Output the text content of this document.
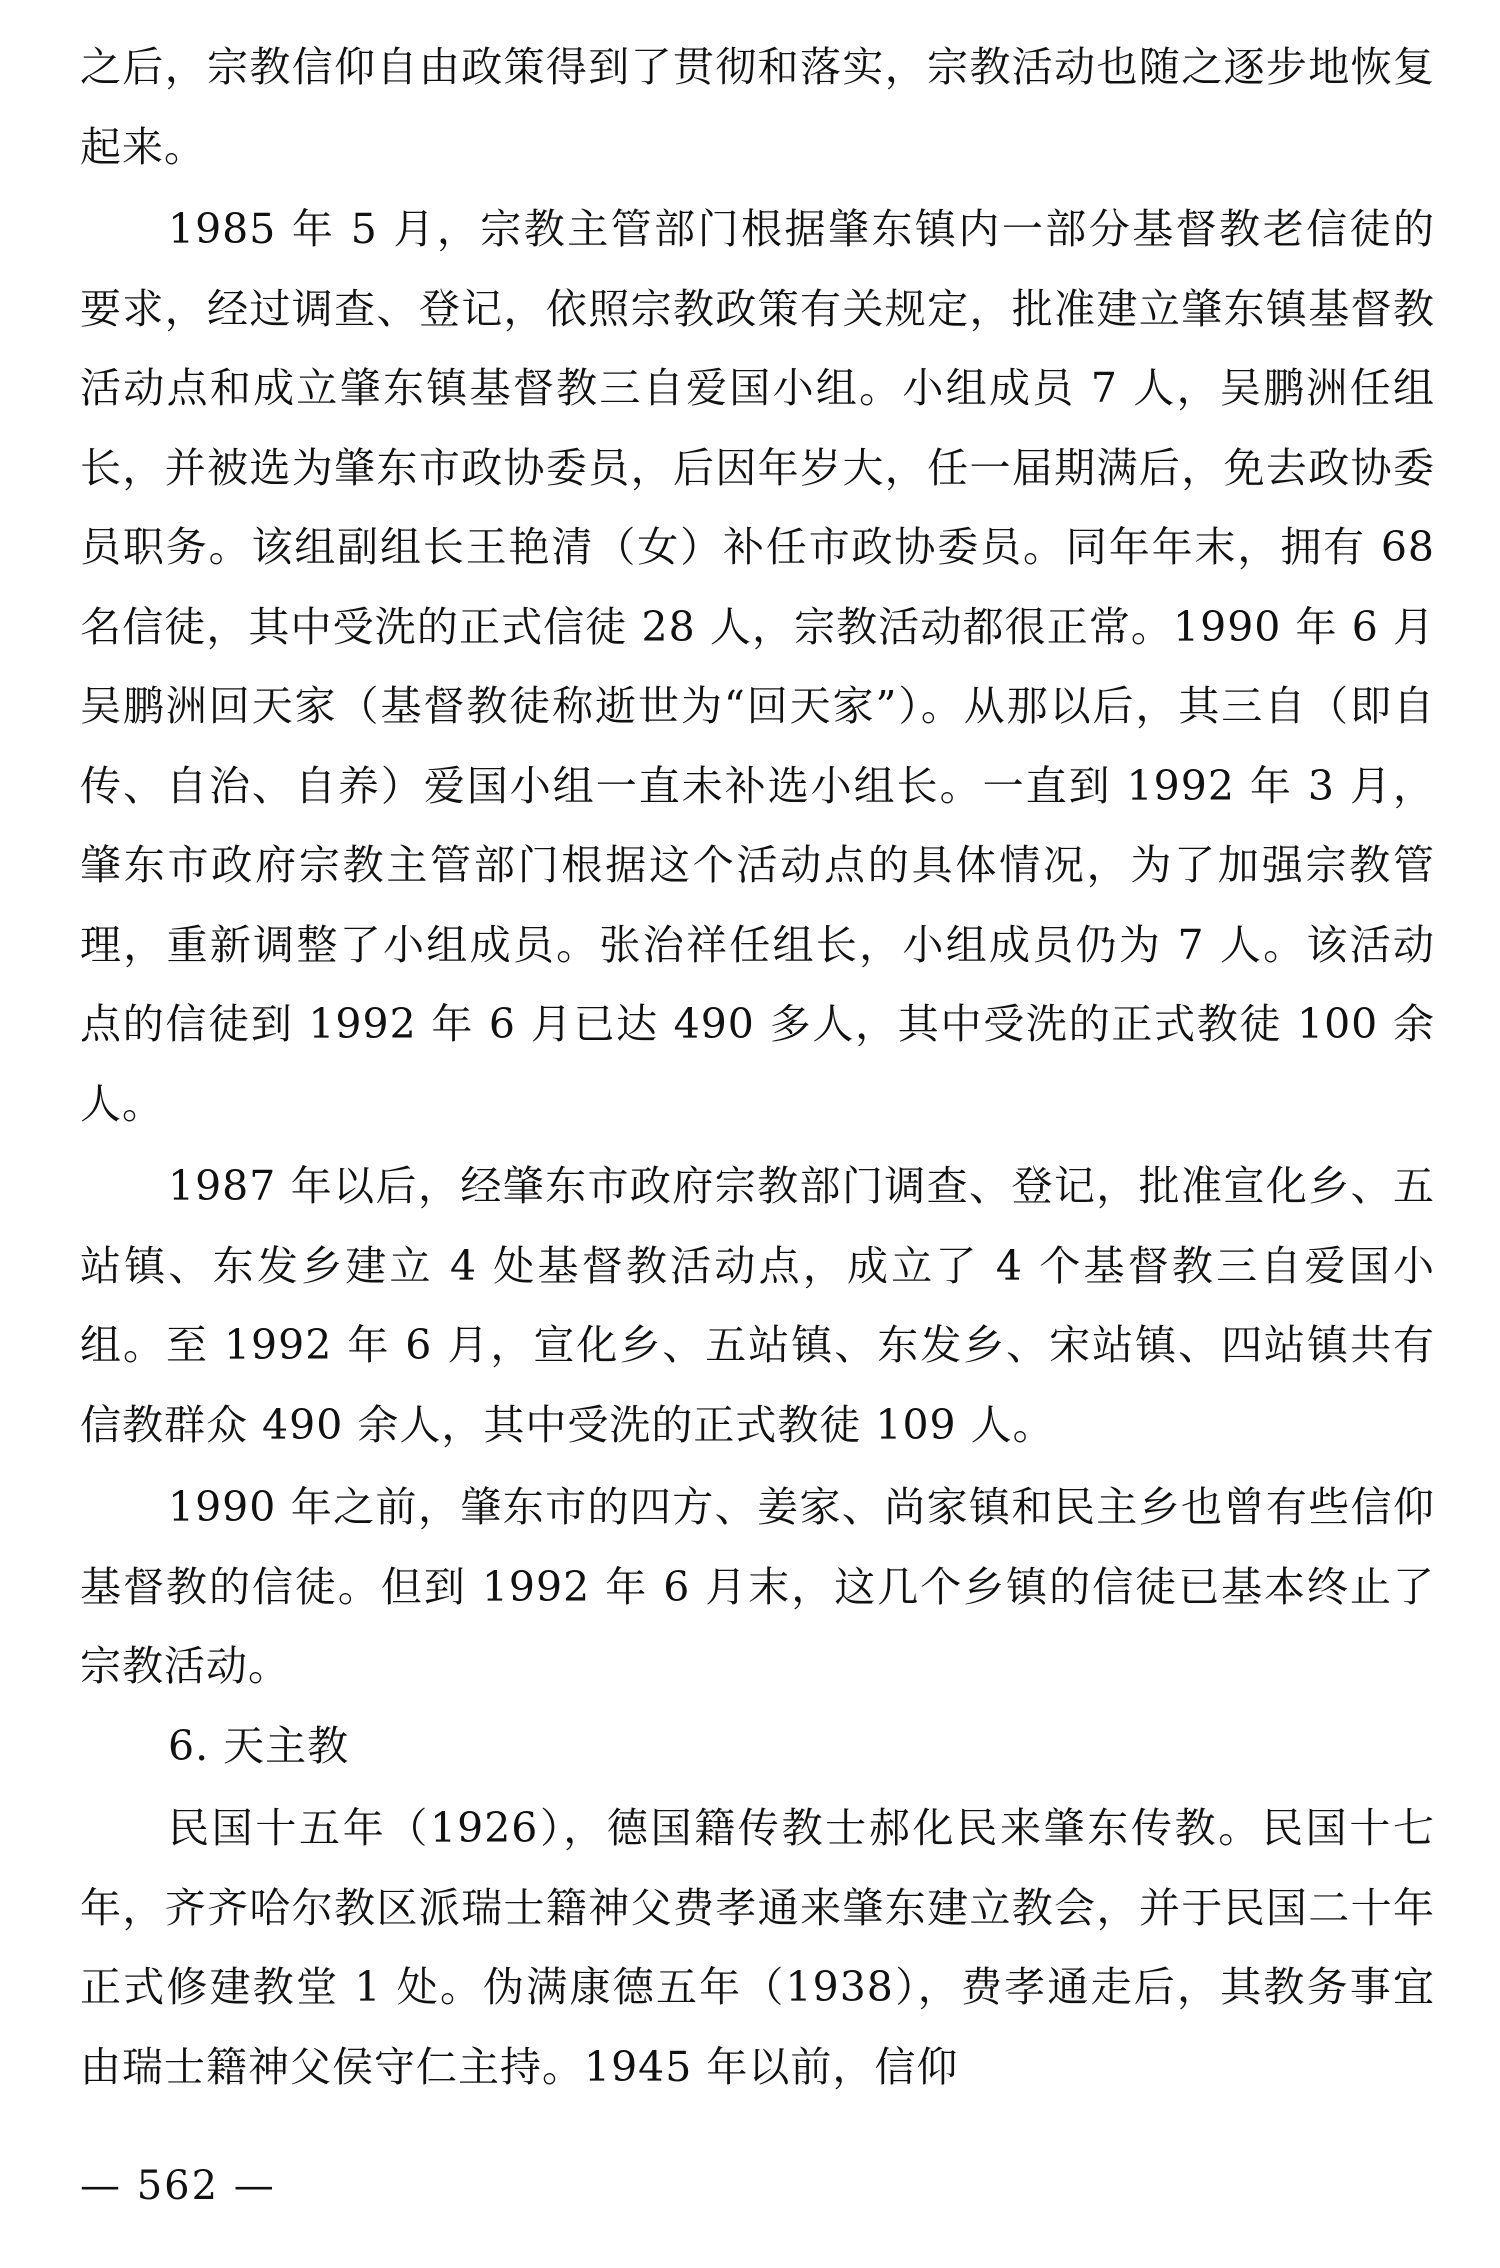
之后，宗教信仰自由政策得到了贯彻和落实，宗教活动也随之逐步地恢复起来。

1985 年 5 月，宗教主管部门根据肇东镇内一部分基督教老信徒的要求，经过调查、登记，依照宗教政策有关规定，批准建立肇东镇基督教活动点和成立肇东镇基督教三自爱国小组。小组成员 7 人，吴鹏洲任组长，并被选为肇东市政协委员，后因年岁大，任一届期满后，免去政协委员职务。该组副组长王艳清（女）补任市政协委员。同年年末，拥有 68 名信徒，其中受洗的正式信徒 28 人，宗教活动都很正常。1990 年 6 月吴鹏洲回天家（基督教徒称逝世为“回天家”）。从那以后，其三自（即自传、自治、自养）爱国小组一直未补选小组长。一直到 1992 年 3 月，肇东市政府宗教主管部门根据这个活动点的具体情况，为了加强宗教管理，重新调整了小组成员。张治祥任组长，小组成员仍为 7 人。该活动点的信徒到 1992 年 6 月已达 490 多人，其中受洗的正式教徒 100 余人。

1987 年以后，经肇东市政府宗教部门调查、登记，批准宣化乡、五站镇、东发乡建立 4 处基督教活动点，成立了 4 个基督教三自爱国小组。至 1992 年 6 月，宣化乡、五站镇、东发乡、宋站镇、四站镇共有信教群众 490 余人，其中受洗的正式教徒 109 人。

1990 年之前，肇东市的四方、姜家、尚家镇和民主乡也曾有些信仰基督教的信徒。但到 1992 年 6 月末，这几个乡镇的信徒已基本终止了宗教活动。

6. 天主教

民国十五年（1926），德国籍传教士郝化民来肇东传教。民国十七年，齐齐哈尔教区派瑞士籍神父费孝通来肇东建立教会，并于民国二十年正式修建教堂 1 处。伪满康德五年（1938），费孝通走后，其教务事宜由瑞士籍神父侯守仁主持。1945 年以前，信仰

— 562 —
